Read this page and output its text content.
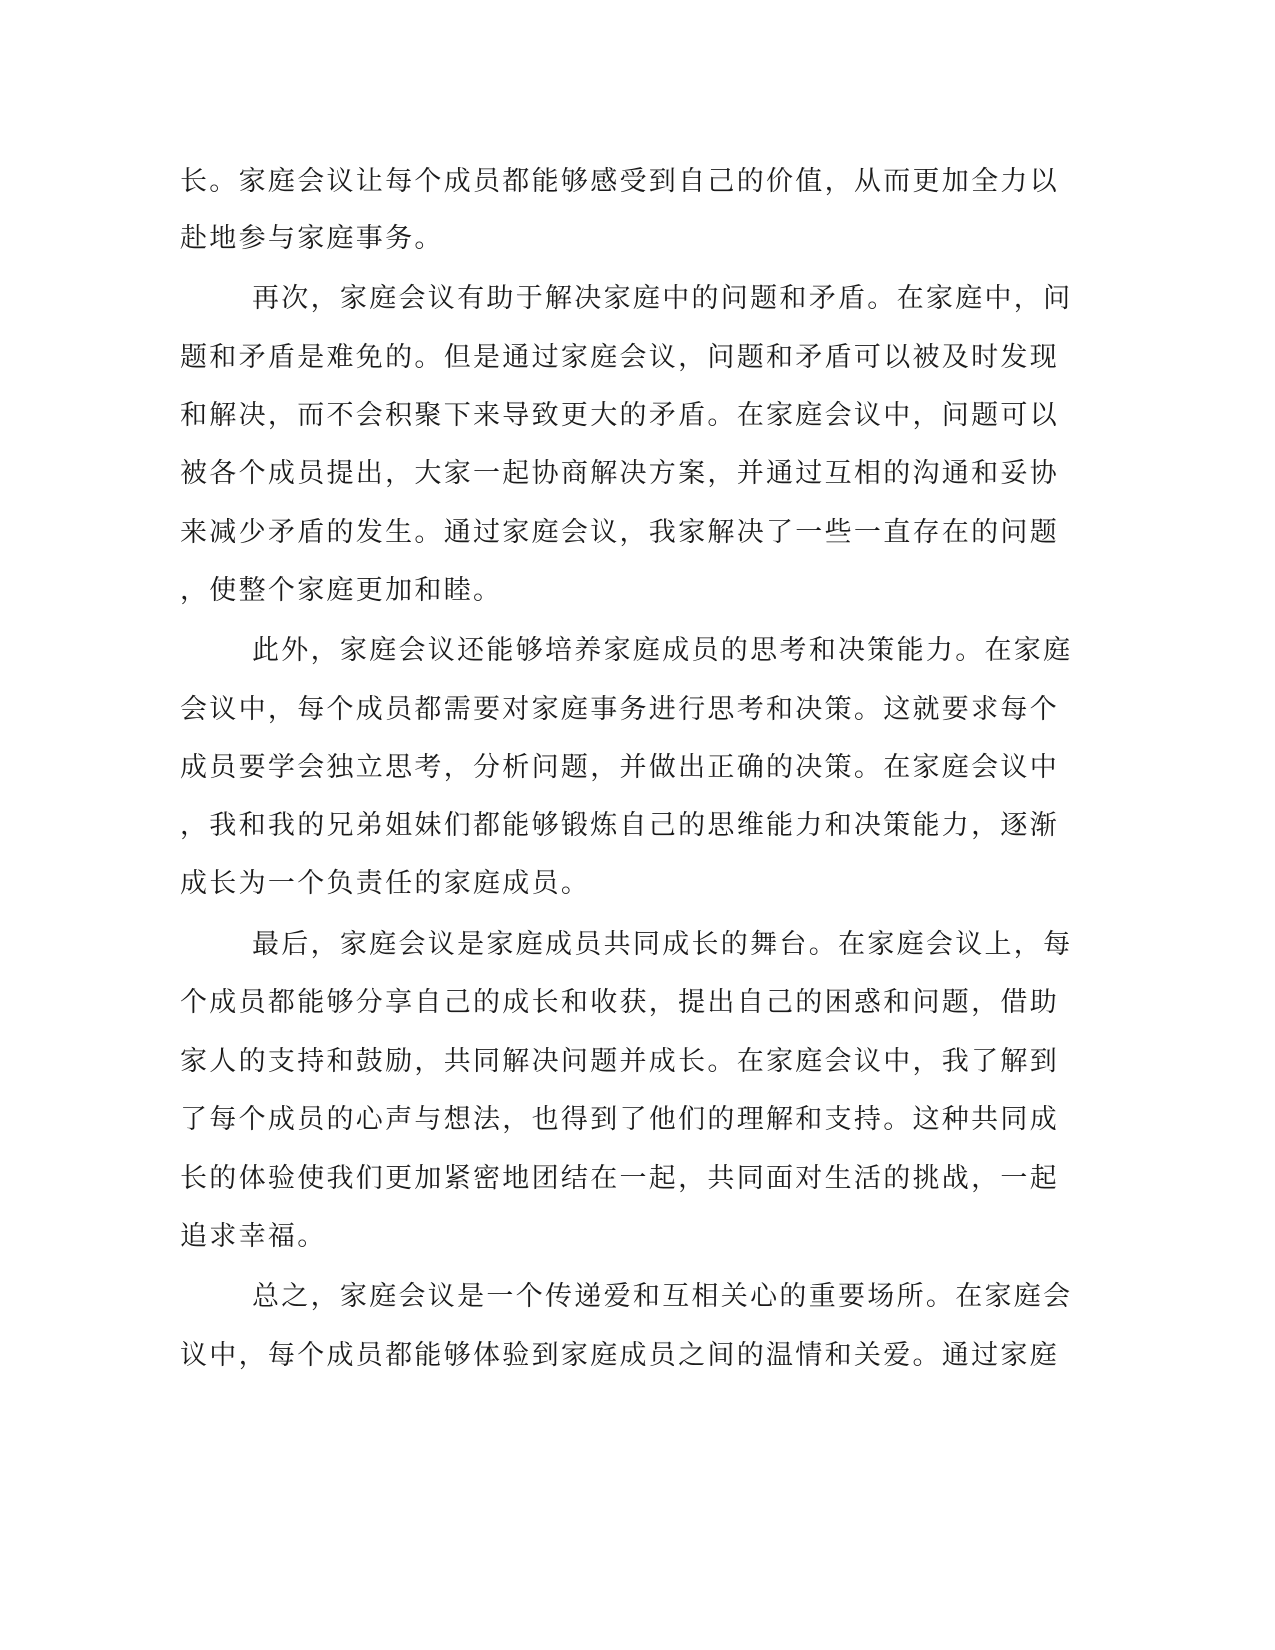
长。家庭会议让每个成员都能够感受到自己的价值，从而更加全力以
赴地参与家庭事务。
再次，家庭会议有助于解决家庭中的问题和矛盾。在家庭中，问
题和矛盾是难免的。但是通过家庭会议，问题和矛盾可以被及时发现
和解决，而不会积聚下来导致更大的矛盾。在家庭会议中，问题可以
被各个成员提出，大家一起协商解决方案，并通过互相的沟通和妥协
来减少矛盾的发生。通过家庭会议，我家解决了一些一直存在的问题
，使整个家庭更加和睦。
此外，家庭会议还能够培养家庭成员的思考和决策能力。在家庭
会议中，每个成员都需要对家庭事务进行思考和决策。这就要求每个
成员要学会独立思考，分析问题，并做出正确的决策。在家庭会议中
，我和我的兄弟姐妹们都能够锻炼自己的思维能力和决策能力，逐渐
成长为一个负责任的家庭成员。
最后，家庭会议是家庭成员共同成长的舞台。在家庭会议上，每
个成员都能够分享自己的成长和收获，提出自己的困惑和问题，借助
家人的支持和鼓励，共同解决问题并成长。在家庭会议中，我了解到
了每个成员的心声与想法，也得到了他们的理解和支持。这种共同成
长的体验使我们更加紧密地团结在一起，共同面对生活的挑战，一起
追求幸福。
总之，家庭会议是一个传递爱和互相关心的重要场所。在家庭会
议中，每个成员都能够体验到家庭成员之间的温情和关爱。通过家庭
